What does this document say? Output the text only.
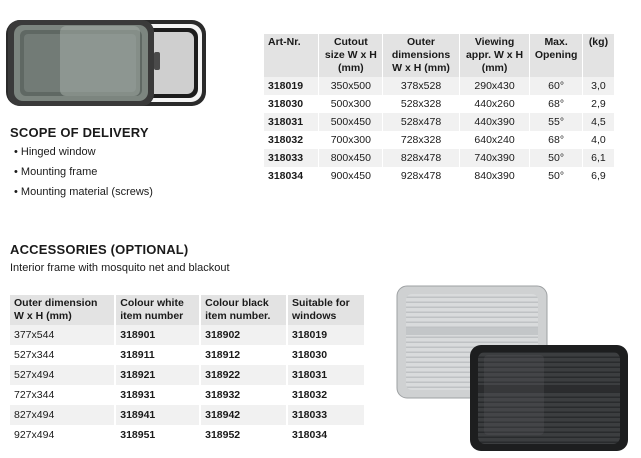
SCOPE OF DELIVERY
• Hinged window
• Mounting frame
• Mounting material (screws)
Art-Nr.	Cutout size W x H (mm)	Outer dimensions W x H (mm)	Viewing appr. W x H (mm)	Max. Opening	(kg)
318019	350x500	378x528	290x430	60°	3,0
318030	500x300	528x328	440x260	68°	2,9
318031	500x450	528x478	440x390	55°	4,5
318032	700x300	728x328	640x240	68°	4,0
318033	800x450	828x478	740x390	50°	6,1
318034	900x450	928x478	840x390	50°	6,9
ACCESSORIES (OPTIONAL)
Interior frame with mosquito net and blackout
Outer dimension W x H (mm)	Colour white item number	Colour black item number.	Suitable for windows
377x544	318901	318902	318019
527x344	318911	318912	318030
527x494	318921	318922	318031
727x344	318931	318932	318032
827x494	318941	318942	318033
927x494	318951	318952	318034
